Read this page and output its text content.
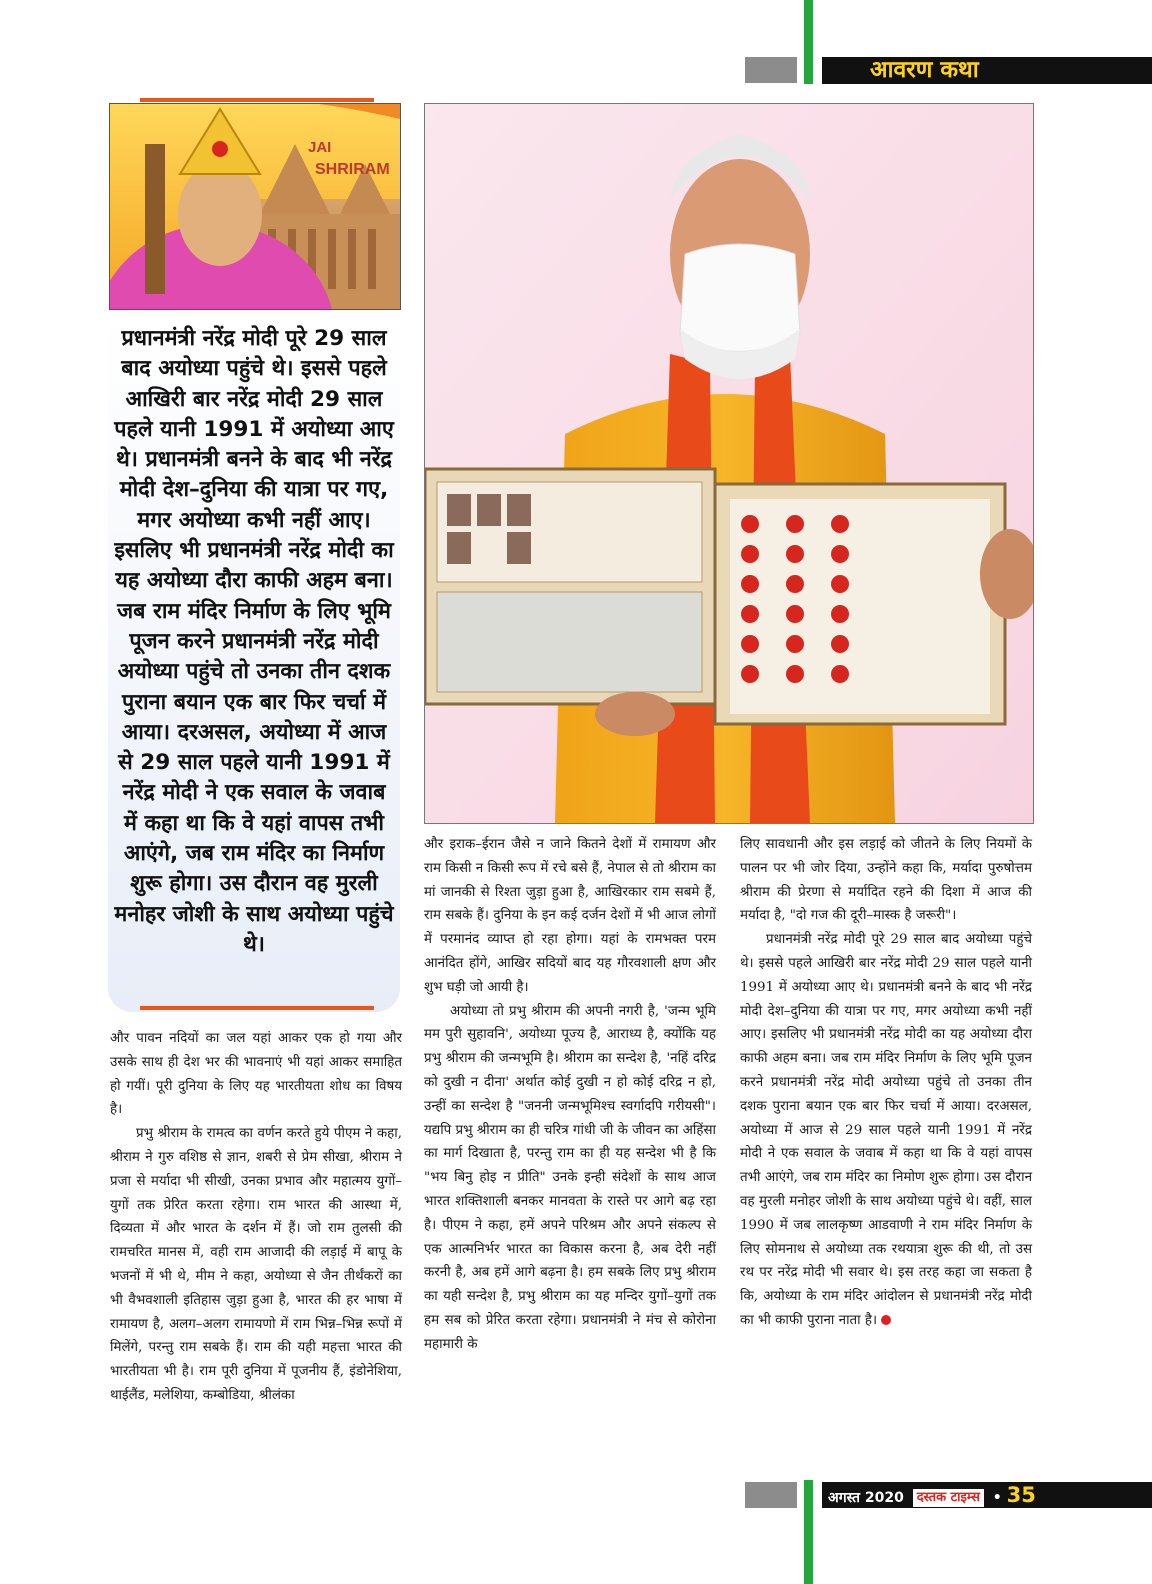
आवरण कथा
JAI
SHRIRAM

प्रधानमंत्री नरेंद्र मोदी पूरे 29 साल बाद अयोध्या पहुंचे थे। इससे पहले आखिरी बार नरेंद्र मोदी 29 साल पहले यानी 1991 में अयोध्या आए थे। प्रधानमंत्री बनने के बाद भी नरेंद्र मोदी देश–दुनिया की यात्रा पर गए, मगर अयोध्या कभी नहीं आए। इसलिए भी प्रधानमंत्री नरेंद्र मोदी का यह अयोध्या दौरा काफी अहम बना। जब राम मंदिर निर्माण के लिए भूमि पूजन करने प्रधानमंत्री नरेंद्र मोदी अयोध्या पहुंचे तो उनका तीन दशक पुराना बयान एक बार फिर चर्चा में आया। दरअसल, अयोध्या में आज से 29 साल पहले यानी 1991 में नरेंद्र मोदी ने एक सवाल के जवाब में कहा था कि वे यहां वापस तभी आएंगे, जब राम मंदिर का निर्माण शुरू होगा। उस दौरान वह मुरली मनोहर जोशी के साथ अयोध्या पहुंचे थे।

और पावन नदियों का जल यहां आकर एक हो गया और उसके साथ ही देश भर की भावनाएं भी यहां आकर समाहित हो गयीं। पूरी दुनिया के लिए यह भारतीयता शोध का विषय है।

प्रभु श्रीराम के रामत्व का वर्णन करते हुये पीएम ने कहा, श्रीराम ने गुरु वशिष्ठ से ज्ञान, शबरी से प्रेम सीखा, श्रीराम ने प्रजा से मर्यादा भी सीखी, उनका प्रभाव और महात्मय युगों–युगों तक प्रेरित करता रहेगा। राम भारत की आस्था में, दिव्यता में और भारत के दर्शन में हैं। जो राम तुलसी की रामचरित मानस में, वही राम आजादी की लड़ाई में बापू के भजनों में भी थे, मीम ने कहा, अयोध्या से जैन तीर्थंकरों का भी वैभवशाली इतिहास जुड़ा हुआ है, भारत की हर भाषा में रामायण है, अलग–अलग रामायणो में राम भिन्न–भिन्न रूपों में मिलेंगे, परन्तु राम सबके हैं। राम की यही महत्ता भारत की भारतीयता भी है। राम पूरी दुनिया में पूजनीय हैं, इंडोनेशिया, थाईलैंड, मलेशिया, कम्बोडिया, श्रीलंका

और इराक–ईरान जैसे न जाने कितने देशों में रामायण और राम किसी न किसी रूप में रचे बसे हैं, नेपाल से तो श्रीराम का मां जानकी से रिश्ता जुड़ा हुआ है, आखिरकार राम सबमे हैं, राम सबके हैं। दुनिया के इन कई दर्जन देशों में भी आज लोगों में परमानंद व्याप्त हो रहा होगा। यहां के रामभक्त परम आनंदित होंगे, आखिर सदियों बाद यह गौरवशाली क्षण और शुभ घड़ी जो आयी है।

अयोध्या तो प्रभु श्रीराम की अपनी नगरी है, 'जन्म भूमि मम पुरी सुहावनि', अयोध्या पूज्य है, आराध्य है, क्योंकि यह प्रभु श्रीराम की जन्मभूमि है। श्रीराम का सन्देश है, 'नहिं दरिद्र को दुखी न दीना' अर्थात कोई दुखी न हो कोई दरिद्र न हो, उन्हीं का सन्देश है "जननी जन्मभूमिश्च स्वर्गादपि गरीयसी"। यद्यपि प्रभु श्रीराम का ही चरित्र गांधी जी के जीवन का अहिंसा का मार्ग दिखाता है, परन्तु राम का ही यह सन्देश भी है कि "भय बिनु होइ न प्रीति" उनके इन्ही संदेशों के साथ आज भारत शक्तिशाली बनकर मानवता के रास्ते पर आगे बढ़ रहा है। पीएम ने कहा, हमें अपने परिश्रम और अपने संकल्प से एक आत्मनिर्भर भारत का विकास करना है, अब देरी नहीं करनी है, अब हमें आगे बढ़ना है। हम सबके लिए प्रभु श्रीराम का यही सन्देश है, प्रभु श्रीराम का यह मन्दिर युगों–युगों तक हम सब को प्रेरित करता रहेगा। प्रधानमंत्री ने मंच से कोरोना महामारी के

लिए सावधानी और इस लड़ाई को जीतने के लिए नियमों के पालन पर भी जोर दिया, उन्होंने कहा कि, मर्यादा पुरुषोत्तम श्रीराम की प्रेरणा से मर्यादित रहने की दिशा में आज की मर्यादा है, "दो गज की दूरी–मास्क है जरूरी"।

प्रधानमंत्री नरेंद्र मोदी पूरे 29 साल बाद अयोध्या पहुंचे थे। इससे पहले आखिरी बार नरेंद्र मोदी 29 साल पहले यानी 1991 में अयोध्या आए थे। प्रधानमंत्री बनने के बाद भी नरेंद्र मोदी देश–दुनिया की यात्रा पर गए, मगर अयोध्या कभी नहीं आए। इसलिए भी प्रधानमंत्री नरेंद्र मोदी का यह अयोध्या दौरा काफी अहम बना। जब राम मंदिर निर्माण के लिए भूमि पूजन करने प्रधानमंत्री नरेंद्र मोदी अयोध्या पहुंचे तो उनका तीन दशक पुराना बयान एक बार फिर चर्चा में आया। दरअसल, अयोध्या में आज से 29 साल पहले यानी 1991 में नरेंद्र मोदी ने एक सवाल के जवाब में कहा था कि वे यहां वापस तभी आएंगे, जब राम मंदिर का निमोण शुरू होगा। उस दौरान वह मुरली मनोहर जोशी के साथ अयोध्या पहुंचे थे। वहीं, साल 1990 में जब लालकृष्ण आडवाणी ने राम मंदिर निर्माण के लिए सोमनाथ से अयोध्या तक रथयात्रा शुरू की थी, तो उस रथ पर नरेंद्र मोदी भी सवार थे। इस तरह कहा जा सकता है कि, अयोध्या के राम मंदिर आंदोलन से प्रधानमंत्री नरेंद्र मोदी का भी काफी पुराना नाता है।

अगस्त 2020 दस्तक टाइम्स • 35
